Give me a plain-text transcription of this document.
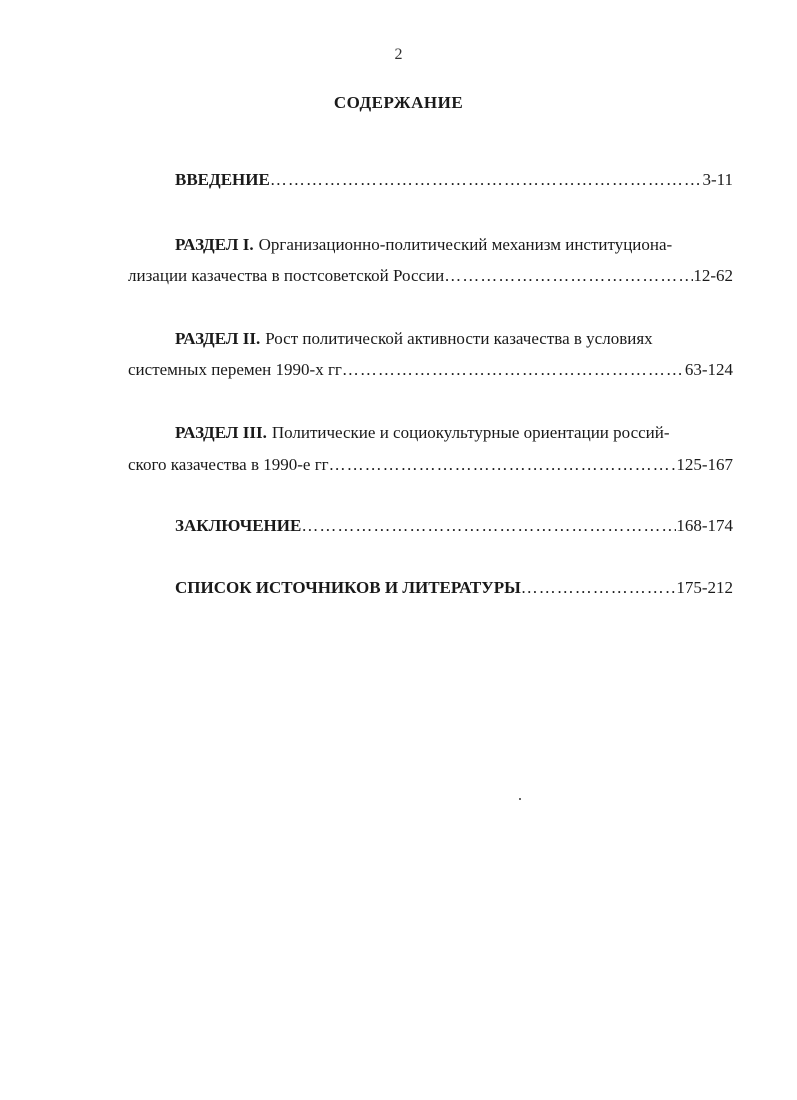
2
СОДЕРЖАНИЕ
ВВЕДЕНИЕ …………………………………………………………………………………………………………………………………………	3-11
РАЗДЕЛ I. Организационно-политический механизм институциона-
лизации казачества в постсоветской России …………………………………………………………………………………………………………………………………………	12-62
РАЗДЕЛ II. Рост политической активности казачества в условиях
системных перемен 1990-х гг …………………………………………………………………………………………………………………………………………	63-124
РАЗДЕЛ III. Политические и социокультурные ориентации россий-
ского казачества в 1990-е гг …………………………………………………………………………………………………………………………………………	125-167
ЗАКЛЮЧЕНИЕ …………………………………………………………………………………………………………………………………………	168-174
СПИСОК ИСТОЧНИКОВ И ЛИТЕРАТУРЫ …………………………………………………………………………………………………………………………………………	175-212
